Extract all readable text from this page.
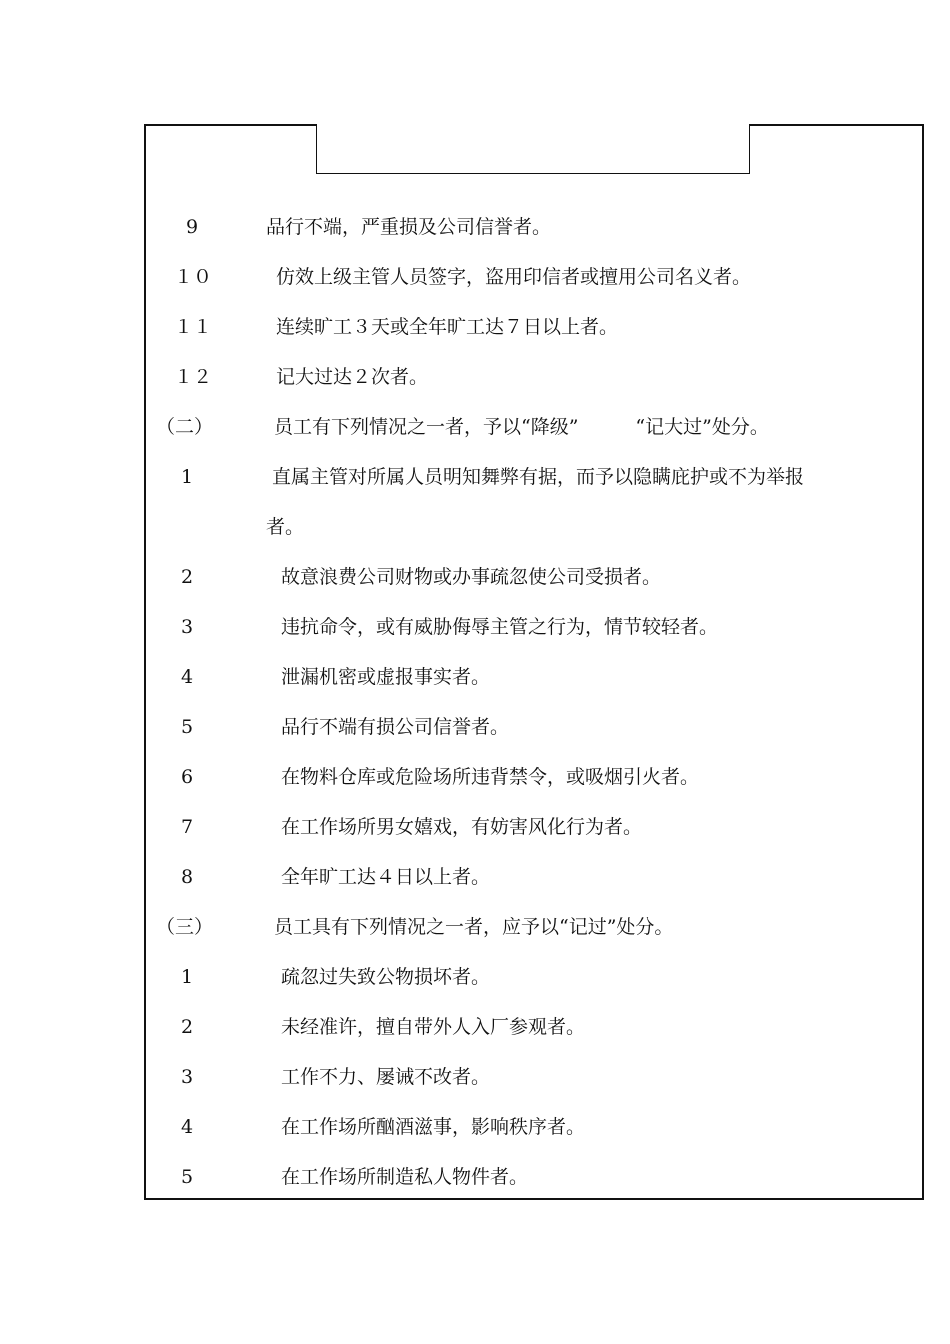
9	品行不端，严重损及公司信誉者。
１０	仿效上级主管人员签字，盗用印信者或擅用公司名义者。
１１	连续旷工３天或全年旷工达７日以上者。
１２	记大过达２次者。
（二）	员工有下列情况之一者，予以“降级”　　　“记大过”处分。
1	直属主管对所属人员明知舞弊有据，而予以隐瞒庇护或不为举报
者。
2	故意浪费公司财物或办事疏忽使公司受损者。
3	违抗命令，或有威胁侮辱主管之行为，情节较轻者。
4	泄漏机密或虚报事实者。
5	品行不端有损公司信誉者。
6	在物料仓库或危险场所违背禁令，或吸烟引火者。
7	在工作场所男女嬉戏，有妨害风化行为者。
8	全年旷工达４日以上者。
（三）	员工具有下列情况之一者，应予以“记过”处分。
1	疏忽过失致公物损坏者。
2	未经准许，擅自带外人入厂参观者。
3	工作不力、屡诫不改者。
4	在工作场所酗酒滋事，影响秩序者。
5	在工作场所制造私人物件者。
